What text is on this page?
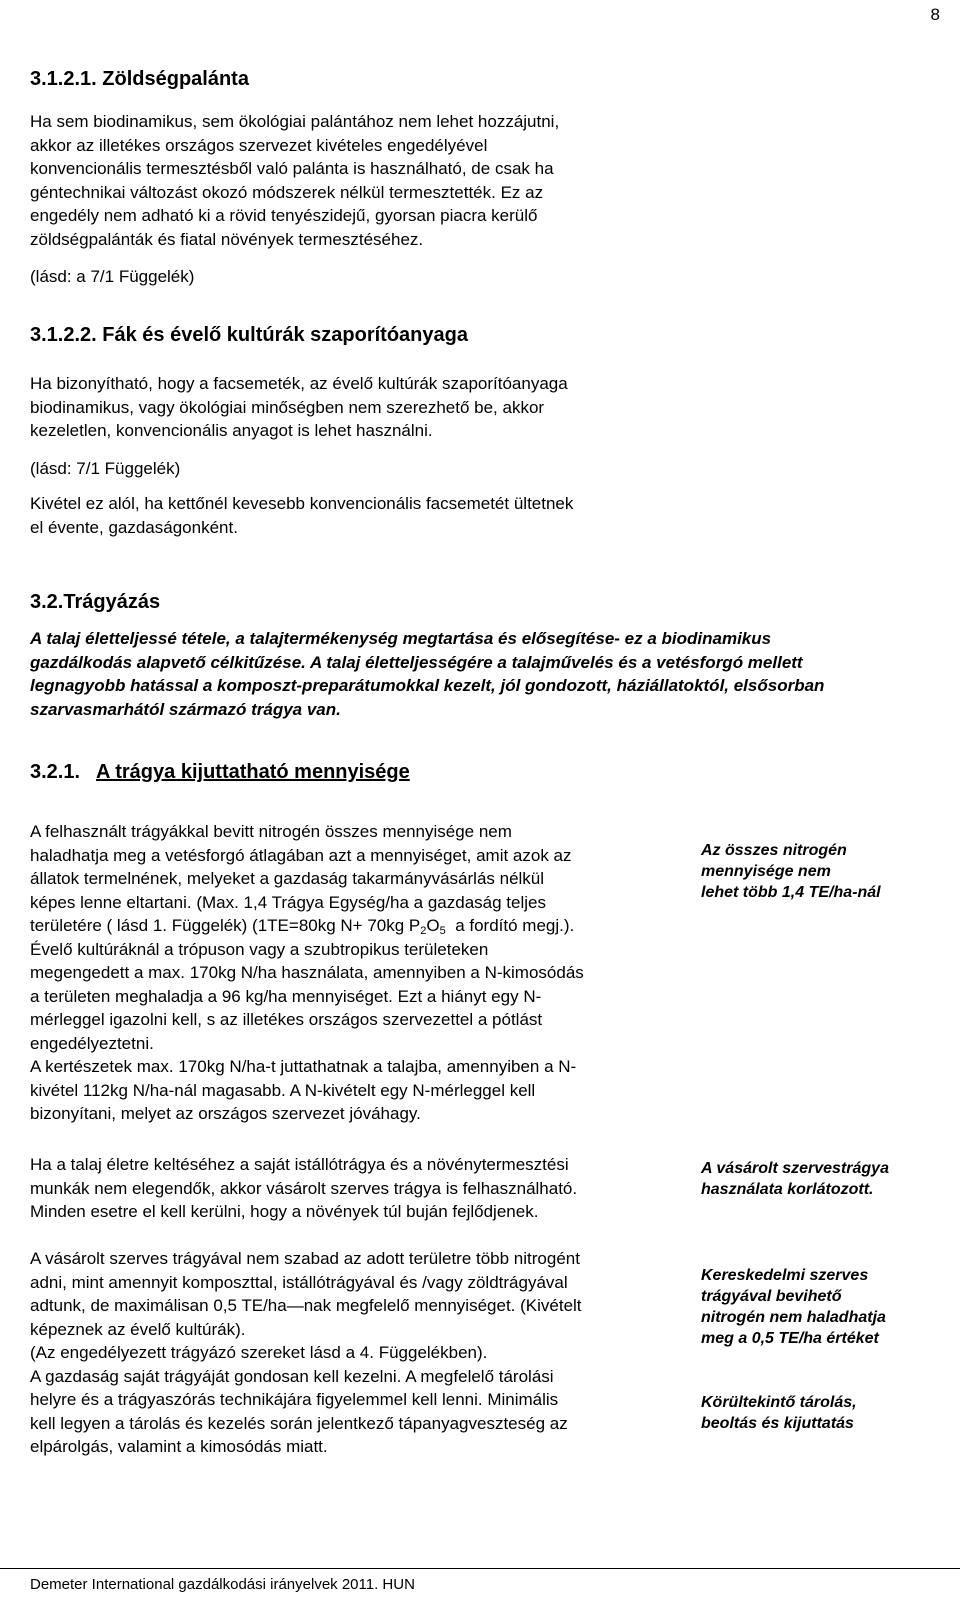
8
3.1.2.1. Zöldségpalánta
Ha sem biodinamikus, sem ökológiai palántához nem lehet hozzájutni,
akkor az illetékes országos szervezet kivételes engedélyével
konvencionális termesztésből való palánta is használható, de csak ha
géntechnikai változást okozó módszerek nélkül termesztették. Ez az
engedély nem adható ki a rövid tenyészidejű, gyorsan piacra kerülő
zöldségpalánták és fiatal növények termesztéséhez.
(lásd: a 7/1 Függelék)
3.1.2.2. Fák és évelő kultúrák szaporítóanyaga
Ha bizonyítható, hogy a facsemeték, az évelő kultúrák szaporítóanyaga
biodinamikus, vagy ökológiai minőségben nem szerezhető be, akkor
kezeletlen, konvencionális anyagot is lehet használni.
(lásd: 7/1 Függelék)
Kivétel ez alól, ha kettőnél kevesebb konvencionális facsemetét ültetnek
el évente, gazdaságonként.
3.2.Trágyázás
A talaj életteljessé tétele, a talajtermékenység megtartása és elősegítése- ez a biodinamikus
gazdálkodás alapvető célkitűzése. A talaj életteljességére a talajművelés és a vetésforgó mellett
legnagyobb hatással a komposzt-preparátumokkal kezelt, jól gondozott, háziállatoktól, elsősorban
szarvasmarhától származó trágya van.
3.2.1. A trágya kijuttatható mennyisége
A felhasznált trágyákkal bevitt nitrogén összes mennyisége nem
haladhatja meg a vetésforgó átlagában azt a mennyiséget, amit azok az
állatok termelnének, melyeket a gazdaság takarmányvásárlás nélkül
képes lenne eltartani. (Max. 1,4 Trágya Egység/ha a gazdaság teljes
területére ( lásd 1. Függelék) (1TE=80kg N+ 70kg $P_2O_5$  a fordító megj.).
Évelő kultúráknál a trópuson vagy a szubtropikus területeken
megengedett a max. 170kg N/ha használata, amennyiben a N-kimosódás
a területen meghaladja a 96 kg/ha mennyiséget. Ezt a hiányt egy N-
mérleggel igazolni kell, s az illetékes országos szervezettel a pótlást
engedélyeztetni.
A kertészetek max. 170kg N/ha-t juttathatnak a talajba, amennyiben a N-
kivétel 112kg N/ha-nál magasabb. A N-kivételt egy N-mérleggel kell
bizonyítani, melyet az országos szervezet jóváhagy.
Ha a talaj életre keltéséhez a saját istállótrágya és a növénytermesztési
munkák nem elegendők, akkor vásárolt szerves trágya is felhasználható.
Minden esetre el kell kerülni, hogy a növények túl buján fejlődjenek.
A vásárolt szerves trágyával nem szabad az adott területre több nitrogént
adni, mint amennyit komposzttal, istállótrágyával és /vagy zöldtrágyával
adtunk, de maximálisan 0,5 TE/ha—nak megfelelő mennyiséget. (Kivételt
képeznek az évelő kultúrák).
(Az engedélyezett trágyázó szereket lásd a 4. Függelékben).
A gazdaság saját trágyáját gondosan kell kezelni. A megfelelő tárolási
helyre és a trágyaszórás technikájára figyelemmel kell lenni. Minimális
kell legyen a tárolás és kezelés során jelentkező tápanyagveszteség az
elpárolgás, valamint a kimosódás miatt.
Az összes nitrogén
mennyisége nem
lehet több 1,4 TE/ha-nál
A vásárolt szervestrágya
használata korlátozott.
Kereskedelmi szerves
trágyával bevihető
nitrogén nem haladhatja
meg a 0,5 TE/ha értéket
Körültekintő tárolás,
beoltás és kijuttatás
Demeter International gazdálkodási irányelvek 2011. HUN
